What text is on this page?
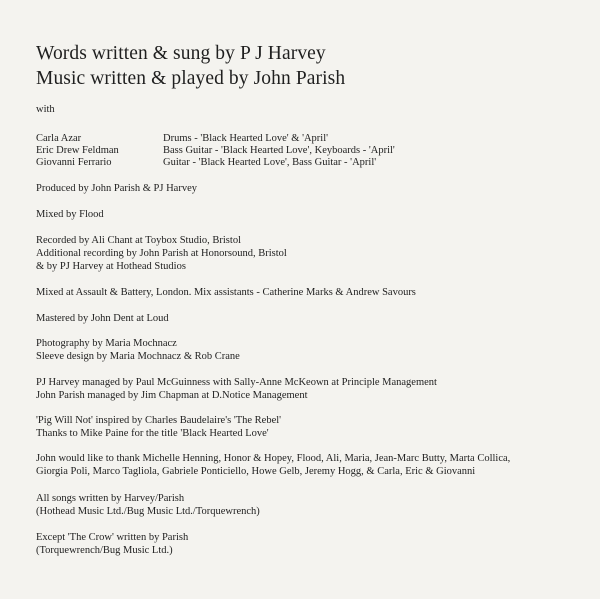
Words written & sung by P J Harvey
Music written & played by John Parish
with
Carla Azar	Drums - 'Black Hearted Love' & 'April'
Eric Drew Feldman	Bass Guitar - 'Black Hearted Love', Keyboards - 'April'
Giovanni Ferrario	Guitar - 'Black Hearted Love', Bass Guitar - 'April'
Produced by John Parish & PJ Harvey
Mixed by Flood
Recorded by Ali Chant at Toybox Studio, Bristol
Additional recording by John Parish at Honorsound, Bristol
& by PJ Harvey at Hothead Studios
Mixed at Assault & Battery, London. Mix assistants - Catherine Marks & Andrew Savours
Mastered by John Dent at Loud
Photography by Maria Mochnacz
Sleeve design by Maria Mochnacz & Rob Crane
PJ Harvey managed by Paul McGuinness with Sally-Anne McKeown at Principle Management
John Parish managed by Jim Chapman at D.Notice Management
'Pig Will Not' inspired by Charles Baudelaire's 'The Rebel'
Thanks to Mike Paine for the title 'Black Hearted Love'
John would like to thank Michelle Henning, Honor & Hopey, Flood, Ali, Maria, Jean-Marc Butty, Marta Collica,
Giorgia Poli, Marco Tagliola, Gabriele Ponticiello, Howe Gelb, Jeremy Hogg, & Carla, Eric & Giovanni
All songs written by Harvey/Parish
(Hothead Music Ltd./Bug Music Ltd./Torquewrench)
Except 'The Crow' written by Parish
(Torquewrench/Bug Music Ltd.)
